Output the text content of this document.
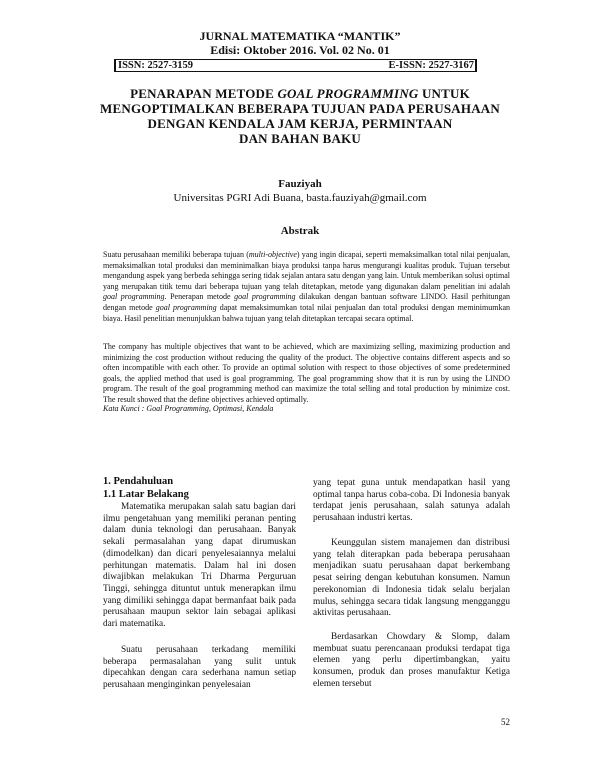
JURNAL MATEMATIKA “MANTIK”
Edisi: Oktober 2016. Vol. 02 No. 01
ISSN: 2527-3159	E-ISSN: 2527-3167
PENARAPAN METODE GOAL PROGRAMMING UNTUK
MENGOPTIMALKAN BEBERAPA TUJUAN PADA PERUSAHAAN
DENGAN KENDALA JAM KERJA, PERMINTAAN
DAN BAHAN BAKU
Fauziyah
Universitas PGRI Adi Buana, basta.fauziyah@gmail.com
Abstrak
Suatu perusahaan memiliki beberapa tujuan (multi-objective) yang ingin dicapai, seperti memaksimalkan total nilai penjualan, memaksimalkan total produksi dan meminimalkan biaya produksi tanpa harus mengurangi kualitas produk. Tujuan tersebut mengandung aspek yang berbeda sehingga sering tidak sejalan antara satu dengan yang lain. Untuk memberikan solusi optimal yang merupakan titik temu dari beberapa tujuan yang telah ditetapkan, metode yang digunakan dalam penelitian ini adalah goal programming. Penerapan metode goal programming dilakukan dengan bantuan software LINDO. Hasil perhitungan dengan metode goal programming dapat memaksimumkan total nilai penjualan dan total produksi dengan meminimumkan biaya. Hasil penelitian menunjukkan bahwa tujuan yang telah ditetapkan tercapai secara optimal.
The company has multiple objectives that want to be achieved, which are maximizing selling, maximizing production and minimizing the cost production without reducing the quality of the product. The objective contains different aspects and so often incompatible with each other. To provide an optimal solution with respect to those objectives of some predetermined goals, the applied method that used is goal programming. The goal programming show that it is run by using the LINDO program. The result of the goal programming method can maximize the total selling and total production by minimize cost. The result showed that the define objectives achieved optimally.
Kata Kunci : Goal Programming, Optimasi, Kendala
1. Pendahuluan
1.1 Latar Belakang
Matematika merupakan salah satu bagian dari ilmu pengetahuan yang memiliki peranan penting dalam dunia teknologi dan perusahaan. Banyak sekali permasalahan yang dapat dirumuskan (dimodelkan) dan dicari penyelesaiannya melalui perhitungan matematis. Dalam hal ini dosen diwajibkan melakukan Tri Dharma Perguruan Tinggi, sehingga dituntut untuk menerapkan ilmu yang dimiliki sehingga dapat bermanfaat baik pada perusahaan maupun sektor lain sebagai aplikasi dari matematika.
Suatu perusahaan terkadang memiliki beberapa permasalahan yang sulit untuk dipecahkan dengan cara sederhana namun setiap perusahaan menginginkan penyelesaian
yang tepat guna untuk mendapatkan hasil yang optimal tanpa harus coba-coba. Di Indonesia banyak terdapat jenis perusahaan, salah satunya adalah perusahaan industri kertas.
Keunggulan sistem manajemen dan distribusi yang telah diterapkan pada beberapa perusahaan menjadikan suatu perusahaan dapat berkembang pesat seiring dengan kebutuhan konsumen. Namun perekonomian di Indonesia tidak selalu berjalan mulus, sehingga secara tidak langsung mengganggu aktivitas perusahaan.
Berdasarkan Chowdary & Slomp, dalam membuat suatu perencanaan produksi terdapat tiga elemen yang perlu dipertimbangkan, yaitu konsumen, produk dan proses manufaktur Ketiga elemen tersebut
52
